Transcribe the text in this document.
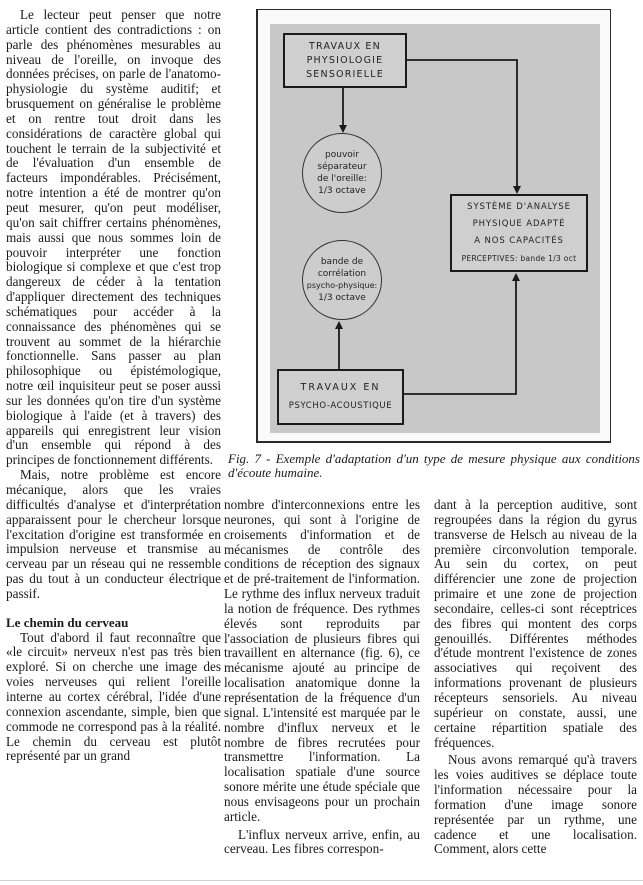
Le lecteur peut penser que notre article contient des contradictions : on parle des phénomènes mesurables au niveau de l'oreille, on invoque des données précises, on parle de l'anatomo-physiologie du système auditif; et brusquement on généralise le problème et on rentre tout droit dans les considérations de caractère global qui touchent le terrain de la subjectivité et de l'évaluation d'un ensemble de facteurs impondérables. Précisément, notre intention a été de montrer qu'on peut mesurer, qu'on peut modéliser, qu'on sait chiffrer certains phénomènes, mais aussi que nous sommes loin de pouvoir interpréter une fonction biologique si complexe et que c'est trop dangereux de céder à la tentation d'appliquer directement des techniques schématiques pour accéder à la connaissance des phénomènes qui se trouvent au sommet de la hiérarchie fonctionnelle. Sans passer au plan philosophique ou épistémologique, notre œil inquisiteur peut se poser aussi sur les données qu'on tire d'un système biologique à l'aide (et à travers) des appareils qui enregistrent leur vision d'un ensemble qui répond à des principes de fonctionnement différents.

Mais, notre problème est encore mécanique, alors que les vraies difficultés d'analyse et d'interprétation apparaissent pour le chercheur lorsque l'excitation d'origine est transformée en impulsion nerveuse et transmise au cerveau par un réseau qui ne ressemble pas du tout à un conducteur électrique passif.

Le chemin du cerveau

Tout d'abord il faut reconnaître que «le circuit» nerveux n'est pas très bien exploré. Si on cherche une image des voies nerveuses qui relient l'oreille interne au cortex cérébral, l'idée d'une connexion ascendante, simple, bien que commode ne correspond pas à la réalité. Le chemin du cerveau est plutôt représenté par un grand

TRAVAUX EN
PHYSIOLOGIE
SENSORIELLE
pouvoir
séparateur
de l'oreille:
1/3 octave
bande de
corrélation
psycho-physique:
1/3 octave
SYSTÈME D'ANALYSE
PHYSIQUE ADAPTÉ
A NOS CAPACITÉS
PERCEPTIVES: bande 1/3 oct
TRAVAUX EN
PSYCHO-ACOUSTIQUE
Fig. 7 - Exemple d'adaptation d'un type de mesure physique aux conditions d'écoute humaine.

nombre d'interconnexions entre les neurones, qui sont à l'origine de croisements d'information et de mécanismes de contrôle des conditions de réception des signaux et de pré-traitement de l'information. Le rythme des influx nerveux traduit la notion de fréquence. Des rythmes élevés sont reproduits par l'association de plusieurs fibres qui travaillent en alternance (fig. 6), ce mécanisme ajouté au principe de localisation anatomique donne la représentation de la fréquence d'un signal. L'intensité est marquée par le nombre d'influx nerveux et le nombre de fibres recrutées pour transmettre l'information. La localisation spatiale d'une source sonore mérite une étude spéciale que nous envisageons pour un prochain article.

L'influx nerveux arrive, enfin, au cerveau. Les fibres correspon-

dant à la perception auditive, sont regroupées dans la région du gyrus transverse de Helsch au niveau de la première circonvolution temporale. Au sein du cortex, on peut différencier une zone de projection primaire et une zone de projection secondaire, celles-ci sont réceptrices des fibres qui montent des corps genouillés. Différentes méthodes d'étude montrent l'existence de zones associatives qui reçoivent des informations provenant de plusieurs récepteurs sensoriels. Au niveau supérieur on constate, aussi, une certaine répartition spatiale des fréquences.

Nous avons remarqué qu'à travers les voies auditives se déplace toute l'information nécessaire pour la formation d'une image sonore représentée par un rythme, une cadence et une localisation. Comment, alors cette
